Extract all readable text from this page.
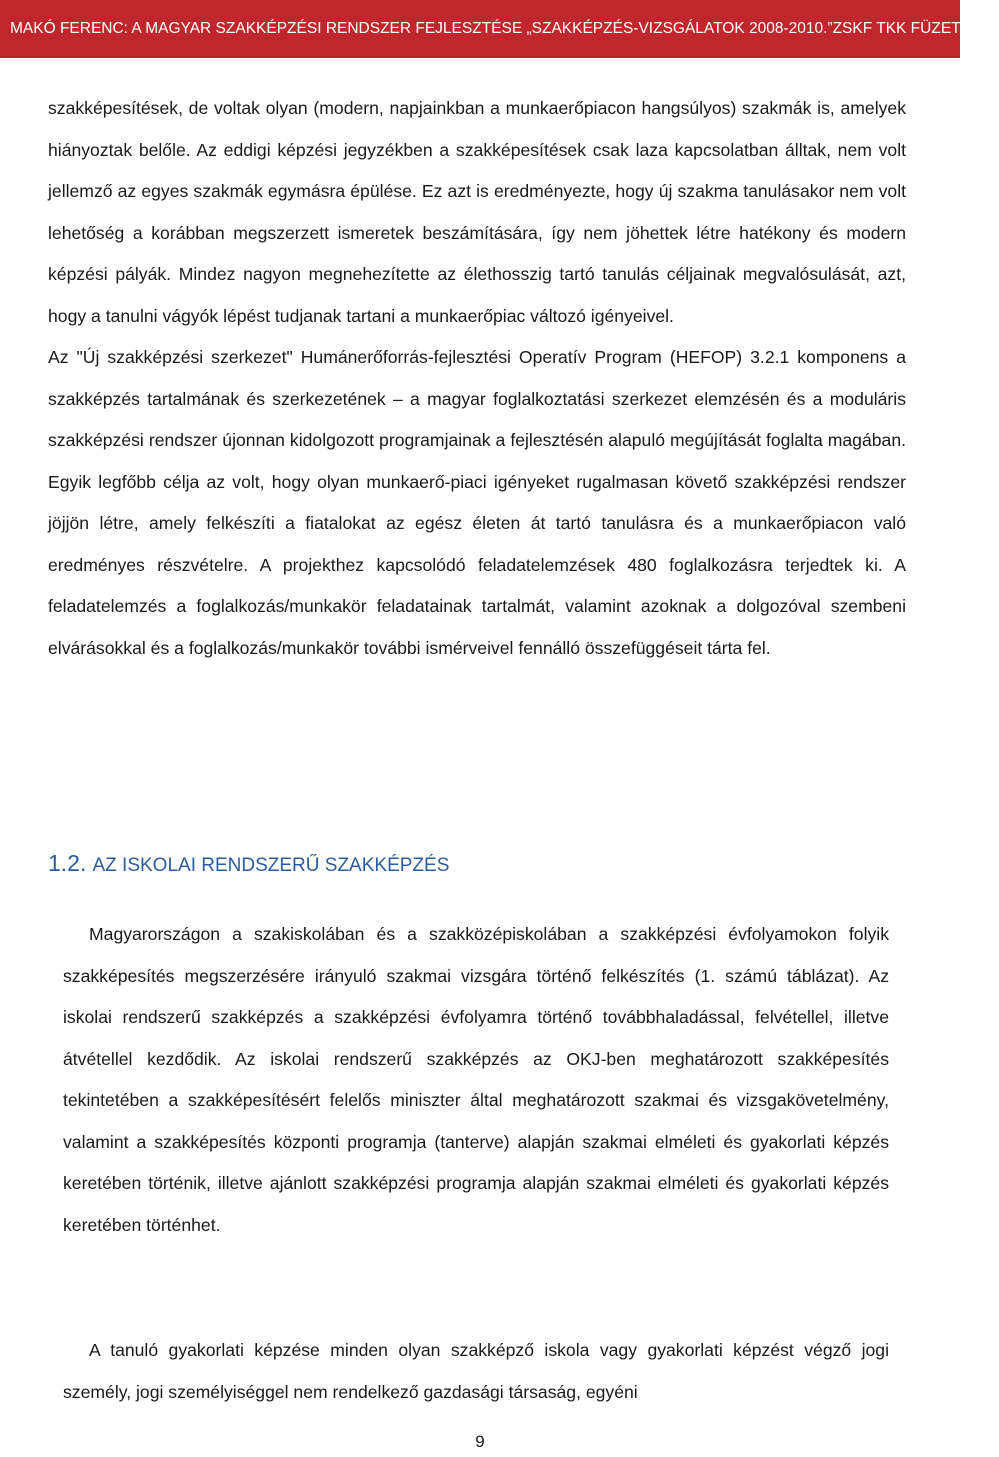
MAKÓ FERENC: A MAGYAR SZAKKÉPZÉSI RENDSZER FEJLESZTÉSE „SZAKKÉPZÉS-VIZSGÁLATOK 2008-2010.” ZSKF TKK FÜZETEK 6.

szakképesítések, de voltak olyan (modern, napjainkban a munkaerőpiacon hangsúlyos) szakmák is, amelyek hiányoztak belőle. Az eddigi képzési jegyzékben a szakképesítések csak laza kapcsolatban álltak, nem volt jellemző az egyes szakmák egymásra épülése. Ez azt is eredményezte, hogy új szakma tanulásakor nem volt lehetőség a korábban megszerzett ismeretek beszámítására, így nem jöhettek létre hatékony és modern képzési pályák. Mindez nagyon megnehezítette az élethosszig tartó tanulás céljainak megvalósulását, azt, hogy a tanulni vágyók lépést tudjanak tartani a munkaerőpiac változó igényeivel.

Az "Új szakképzési szerkezet" Humánerőforrás-fejlesztési Operatív Program (HEFOP) 3.2.1 komponens a szakképzés tartalmának és szerkezetének – a magyar foglalkoztatási szerkezet elemzésén és a moduláris szakképzési rendszer újonnan kidolgozott programjainak a fejlesztésén alapuló megújítását foglalta magában. Egyik legfőbb célja az volt, hogy olyan munkaerő-piaci igényeket rugalmasan követő szakképzési rendszer jöjjön létre, amely felkészíti a fiatalokat az egész életen át tartó tanulásra és a munkaerőpiacon való eredményes részvételre. A projekthez kapcsolódó feladatelemzések 480 foglalkozásra terjedtek ki. A feladatelemzés a foglalkozás/munkakör feladatainak tartalmát, valamint azoknak a dolgozóval szembeni elvárásokkal és a foglalkozás/munkakör további ismérveivel fennálló összefüggéseit tárta fel.

1.2. AZ ISKOLAI RENDSZERŰ SZAKKÉPZÉS

Magyarországon a szakiskolában és a szakközépiskolában a szakképzési évfolyamokon folyik szakképesítés megszerzésére irányuló szakmai vizsgára történő felkészítés (1. számú táblázat). Az iskolai rendszerű szakképzés a szakképzési évfolyamra történő továbbhaladással, felvétellel, illetve átvétellel kezdődik. Az iskolai rendszerű szakképzés az OKJ-ben meghatározott szakképesítés tekintetében a szakképesítésért felelős miniszter által meghatározott szakmai és vizsgakövetelmény, valamint a szakképesítés központi programja (tanterve) alapján szakmai elméleti és gyakorlati képzés keretében történik, illetve ajánlott szakképzési programja alapján szakmai elméleti és gyakorlati képzés keretében történhet.

A tanuló gyakorlati képzése minden olyan szakképző iskola vagy gyakorlati képzést végző jogi személy, jogi személyiséggel nem rendelkező gazdasági társaság, egyéni

9
